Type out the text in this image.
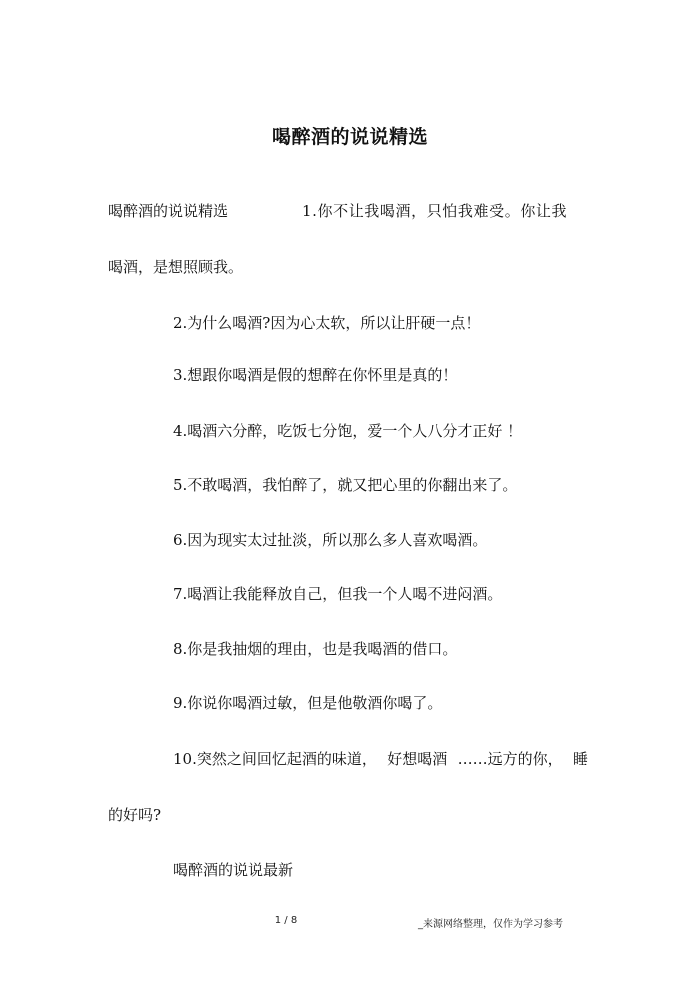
喝醉酒的说说精选
喝醉酒的说说精选	1.你不让我喝酒，只怕我难受。你让我
喝酒，是想照顾我。
2.为什么喝酒?因为心太软，所以让肝硬一点！
3.想跟你喝酒是假的想醉在你怀里是真的！
4.喝酒六分醉，吃饭七分饱，爱一个人八分才正好 ！
5.不敢喝酒，我怕醉了，就又把心里的你翻出来了。
6.因为现实太过扯淡，所以那么多人喜欢喝酒。
7.喝酒让我能释放自己，但我一个人喝不进闷酒。
8.你是我抽烟的理由，也是我喝酒的借口。
9.你说你喝酒过敏，但是他敬酒你喝了。
10.突然之间回忆起酒的味道， 好想喝酒 ……远方的你， 睡
的好吗?
喝醉酒的说说最新
1 / 8	_来源网络整理，仅作为学习参考
